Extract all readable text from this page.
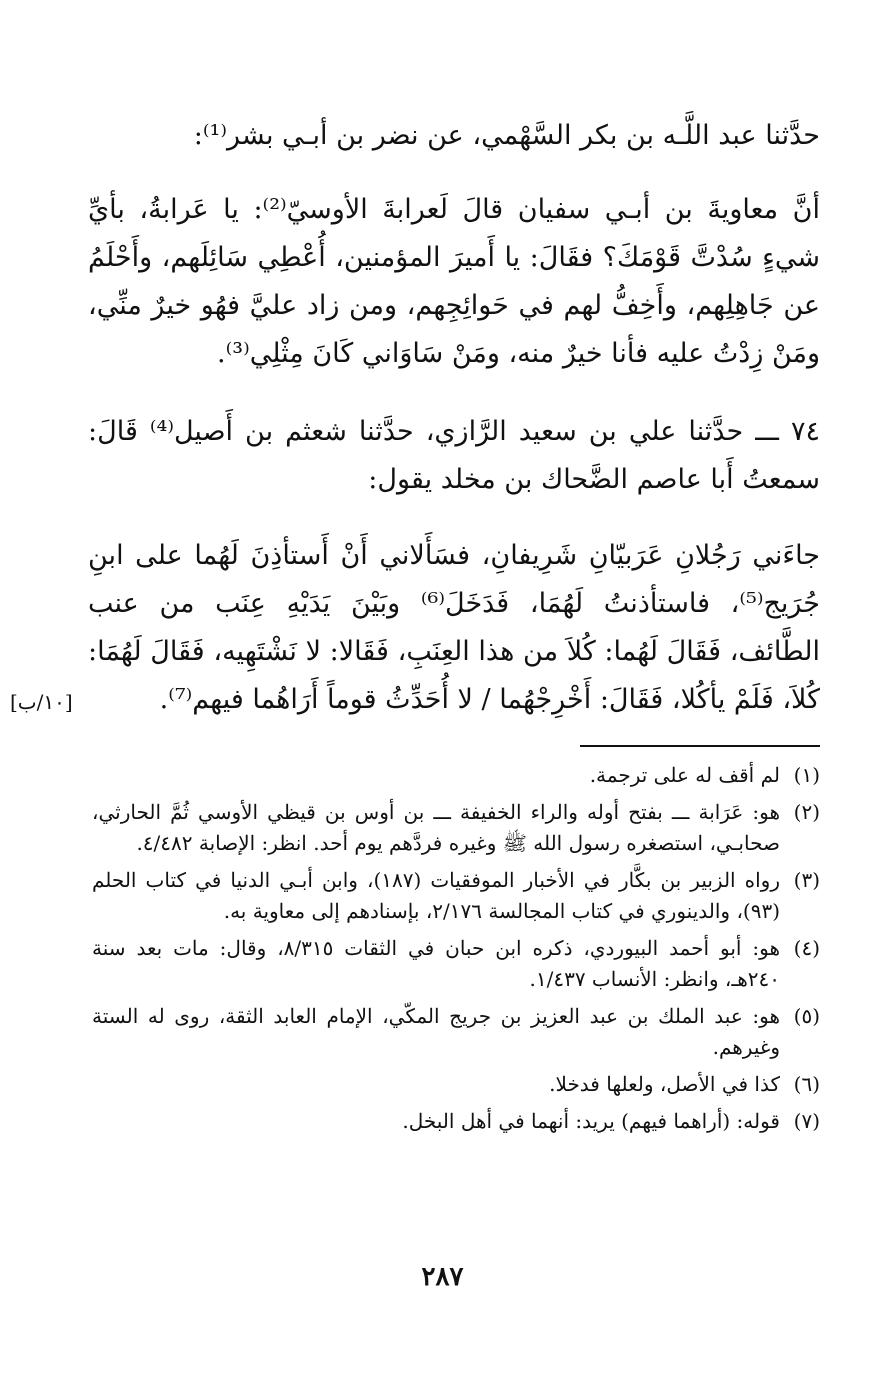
حدَّثنا عبد اللَّـه بن بكر السَّهْمي، عن نضر بن أبـي بشر⁽¹⁾:

أنَّ معاويةَ بن أبـي سفيان قالَ لَعرابةَ الأوسيّ⁽²⁾: يا عَرابةُ، بأيِّ شيءٍ سُدْتَّ قَوْمَكَ؟ فقَالَ: يا أَميرَ المؤمنين، أُعْطِي سَائِلَهم، وأَحْلَمُ عن جَاهِلِهم، وأَخِفُّ لهم في حَوائِجِهم، ومن زاد عليَّ فهُو خيرٌ منِّي، ومَنْ زِدْتُ عليه فأنا خيرٌ منه، ومَنْ سَاوَاني كَانَ مِثْلِي⁽³⁾.

٧٤ ـــ حدَّثنا علي بن سعيد الرَّازي، حدَّثنا شعثم بن أَصيل⁽⁴⁾ قَالَ: سمعتُ أَبا عاصم الضَّحاك بن مخلد يقول:

جاءَني رَجُلانِ عَرَبيّانِ شَرِيفانِ، فسَأَلاني أَنْ أَستأذِنَ لَهُما على ابنِ جُرَيج⁽⁵⁾، فاستأذنتُ لَهُمَا، فَدَخَلَ⁽⁶⁾ وبَيْنَ يَدَيْهِ عِنَب من عنب الطَّائف، فَقَالَ لَهُما: كُلاَ من هذا العِنَبِ، فَقَالا: لا نَشْتَهِيه، فَقَالَ لَهُمَا: كُلاَ، فَلَمْ يأكُلا، فَقَالَ: أَخْرِجْهُما / لا أُحَدِّثُ قوماً أَرَاهُما فيهم⁽⁷⁾.

[١٠/ب]
(١)
لم أقف له على ترجمة.
(٢)
هو: عَرَابة ـــ بفتح أوله والراء الخفيفة ـــ بن أوس بن قيظي الأوسي ثُمَّ الحارثي، صحابـي، استصغره رسول الله ﷺ وغيره فردَّهم يوم أحد. انظر: الإصابة ٤/٤٨٢.
(٣)
رواه الزبير بن بكَّار في الأخبار الموفقيات (١٨٧)، وابن أبـي الدنيا في كتاب الحلم (٩٣)، والدينوري في كتاب المجالسة ٢/١٧٦، بإسنادهم إلى معاوية به.
(٤)
هو: أبو أحمد البيوردي، ذكره ابن حبان في الثقات ٨/٣١٥، وقال: مات بعد سنة ٢٤٠هـ، وانظر: الأنساب ١/٤٣٧.
(٥)
هو: عبد الملك بن عبد العزيز بن جريج المكّي، الإمام العابد الثقة، روى له الستة وغيرهم.
(٦)
كذا في الأصل، ولعلها فدخلا.
(٧)
قوله: (أراهما فيهم) يريد: أنهما في أهل البخل.
٢٨٧
